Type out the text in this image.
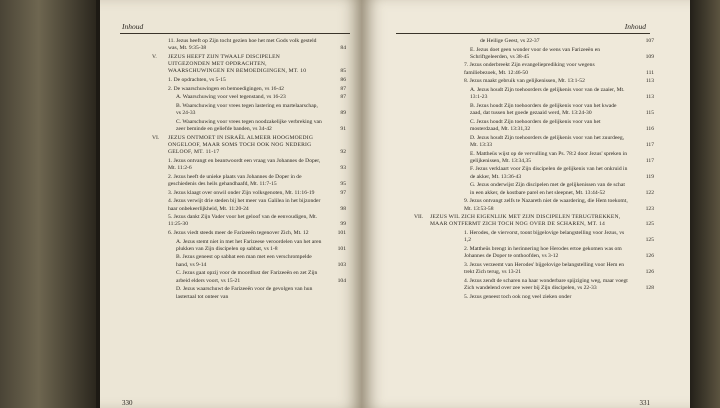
Inhoud
11. Jezus heeft op Zijn tocht gezien hoe het met Gods volk gesteld was, Mt. 9:35-38	84
V. JEZUS HEEFT ZIJN TWAALF DISCIPELEN UITGEZONDEN MET OPDRACHTEN, WAARSCHUWINGEN EN BEMOEDIGINGEN, MT. 10	85
1. De opdrachten, vs 5-15	86
2. De waarschuwingen en bemoedigingen, vs 16-42	87
A. Waarschuwing voor veel tegenstand, vs 16-23	87
B. Waarschuwing voor vrees tegen lastering en martelaarschap, vs 24-33	89
C. Waarschuwing voor vrees tegen noodzakelijke verbreking van zeer beminde en geliefde banden, vs 34-42	91
VI. JEZUS ONTMOET IN ISRAËL ALMEER HOOGMOEDIG ONGELOOF, MAAR SOMS TOCH OOK NOG NEDERIG GELOOF, MT. 11-17	92
1. Jezus ontvangt en beantwoordt een vraag van Johannes de Doper, Mt. 11:2-6	93
2. Jezus heeft de unieke plaats van Johannes de Doper in de geschiedenis des heils gehandhaafd, Mt. 11:7-15	95
3. Jezus klaagt over onwil onder Zijn volksgenoten, Mt. 11:16-19	97
4. Jezus verwijt drie steden bij het meer van Galilea in het bijzonder haar onbekeerlijkheid, Mt. 11:20-24	98
5. Jezus dankt Zijn Vader voor het geloof van de eenvoudigen, Mt. 11:25-30	99
6. Jezus viedt steeds meer de Farizeeën tegenover Zich, Mt. 12	101
A. Jezus stemt niet in met het Farizeese veroordelen van het aren plukken van Zijn discipelen op sabbat, vs 1-8	101
B. Jezus geneest op sabbat een man met een verschrompelde hand, vs 9-14	103
C. Jezus gaat opzij voor de moordlust der Farizeeën en zet Zijn arbeid elders voort, vs 15-21	104
D. Jezus waarschuwt de Farizeeën voor de gevolgen van hun lastertaal tot onteer van
330
Inhoud
de Heilige Geest, vs 22-37	107
E. Jezus doet geen wonder voor de wens van Farizeeën en Schriftgeleerden, vs 38-45	109
7. Jezus onderbreekt Zijn evangelieprediking voor wegens familiebezoek, Mt. 12:46-50	111
8. Jezus maakt gebruik van gelijkenissen, Mt. 13:1-52	113
A. Jezus houdt Zijn toehoorders de gelijkenis voor van de zaaier, Mt. 13:1-23	113
B. Jezus houdt Zijn toehoorders de gelijkenis voor van het kwade zaad, dat tussen het goede gezaaid werd, Mt. 13:24-30	115
C. Jezus houdt Zijn toehoorders de gelijkenis voor van het mosterdzaad, Mt. 13:31,32	116
D. Jezus houdt Zijn toehoorders de gelijkenis voor van het zuurdeeg, Mt. 13:33	117
E. Mattheüs wijst op de vervulling van Ps. 78:2 door Jezus' spreken in gelijkenissen, Mt. 13:34,35	117
F. Jezus verklaart voor Zijn discipelen de gelijkenis van het onkruid in de akker, Mt. 13:36-43	119
G. Jezus onderwijst Zijn discipelen met de gelijkenissen van de schat in een akker, de kostbare parel en het sleepnet, Mt. 13:44-52	122
9. Jezus ontvangt zelfs te Nazareth niet de waardering, die Hem toekomt, Mt. 13:53-58	123
VII. JEZUS WIL ZICH EIGENLIJK MET ZIJN DISCIPELEN TERUGTREKKEN, MAAR ONTFERMT ZICH TOCH NOG OVER DE SCHAREN, MT. 14	125
1. Herodes, de viervorst, toont bijgelovige belangstelling voor Jezus, vs 1,2	125
2. Mattheüs brengt in herinnering hoe Herodes ertoe gekomen was om Johannes de Doper te onthoofden, vs 3-12	126
3. Jezus verzeemt van Herodes' bijgelovige belangstelling voor Hem en trekt Zich terug, vs 13-21	126
4. Jezus zendt de scharen na haar wonderbare spijziging weg, maar voegt Zich wandelend over zee weer bij Zijn discipelen, vs 22-33	128
5. Jezus geneest toch ook nog veel zieken onder
331
